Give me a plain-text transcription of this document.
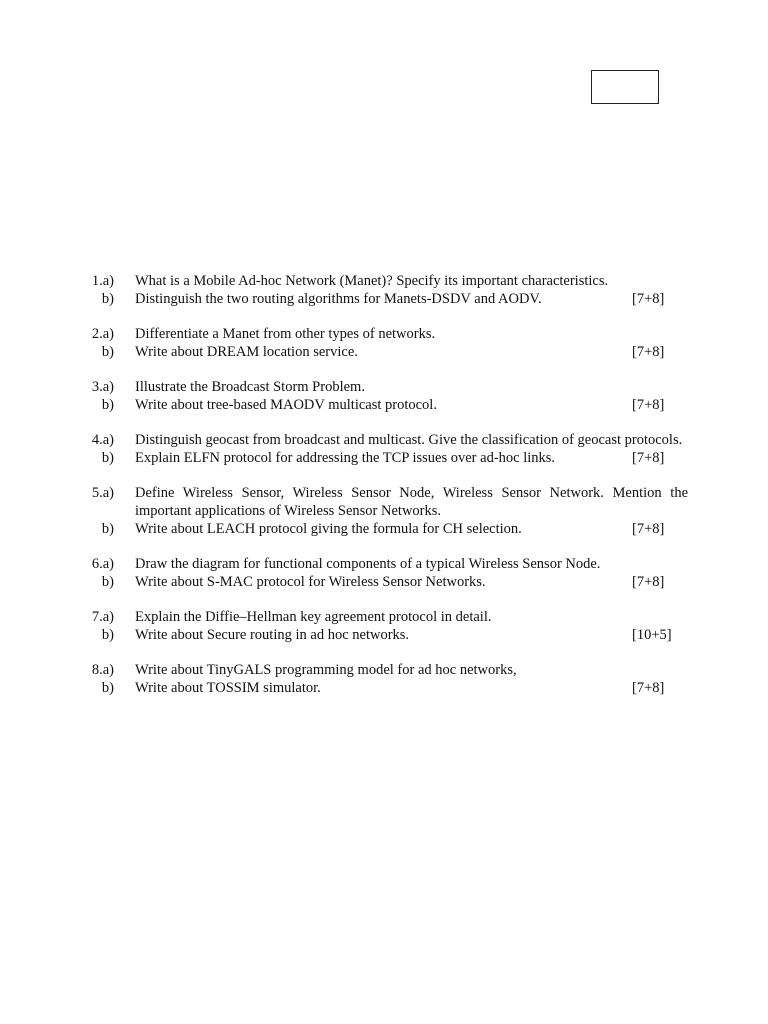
1.a) What is a Mobile Ad-hoc Network (Manet)? Specify its important characteristics.
b) Distinguish the two routing algorithms for Manets-DSDV and AODV.	[7+8]
2.a) Differentiate a Manet from other types of networks.
b) Write about DREAM location service.	[7+8]
3.a) Illustrate the Broadcast Storm Problem.
b) Write about tree-based MAODV multicast protocol.	[7+8]
4.a) Distinguish geocast from broadcast and multicast. Give the classification of geocast protocols.
b) Explain ELFN protocol for addressing the TCP issues over ad-hoc links.	[7+8]
5.a) Define Wireless Sensor, Wireless Sensor Node, Wireless Sensor Network. Mention the important applications of Wireless Sensor Networks.
b) Write about LEACH protocol giving the formula for CH selection.	[7+8]
6.a) Draw the diagram for functional components of a typical Wireless Sensor Node.
b) Write about S-MAC protocol for Wireless Sensor Networks.	[7+8]
7.a) Explain the Diffie–Hellman key agreement protocol in detail.
b) Write about Secure routing in ad hoc networks.	[10+5]
8.a) Write about TinyGALS programming model for ad hoc networks,
b) Write about TOSSIM simulator.	[7+8]
